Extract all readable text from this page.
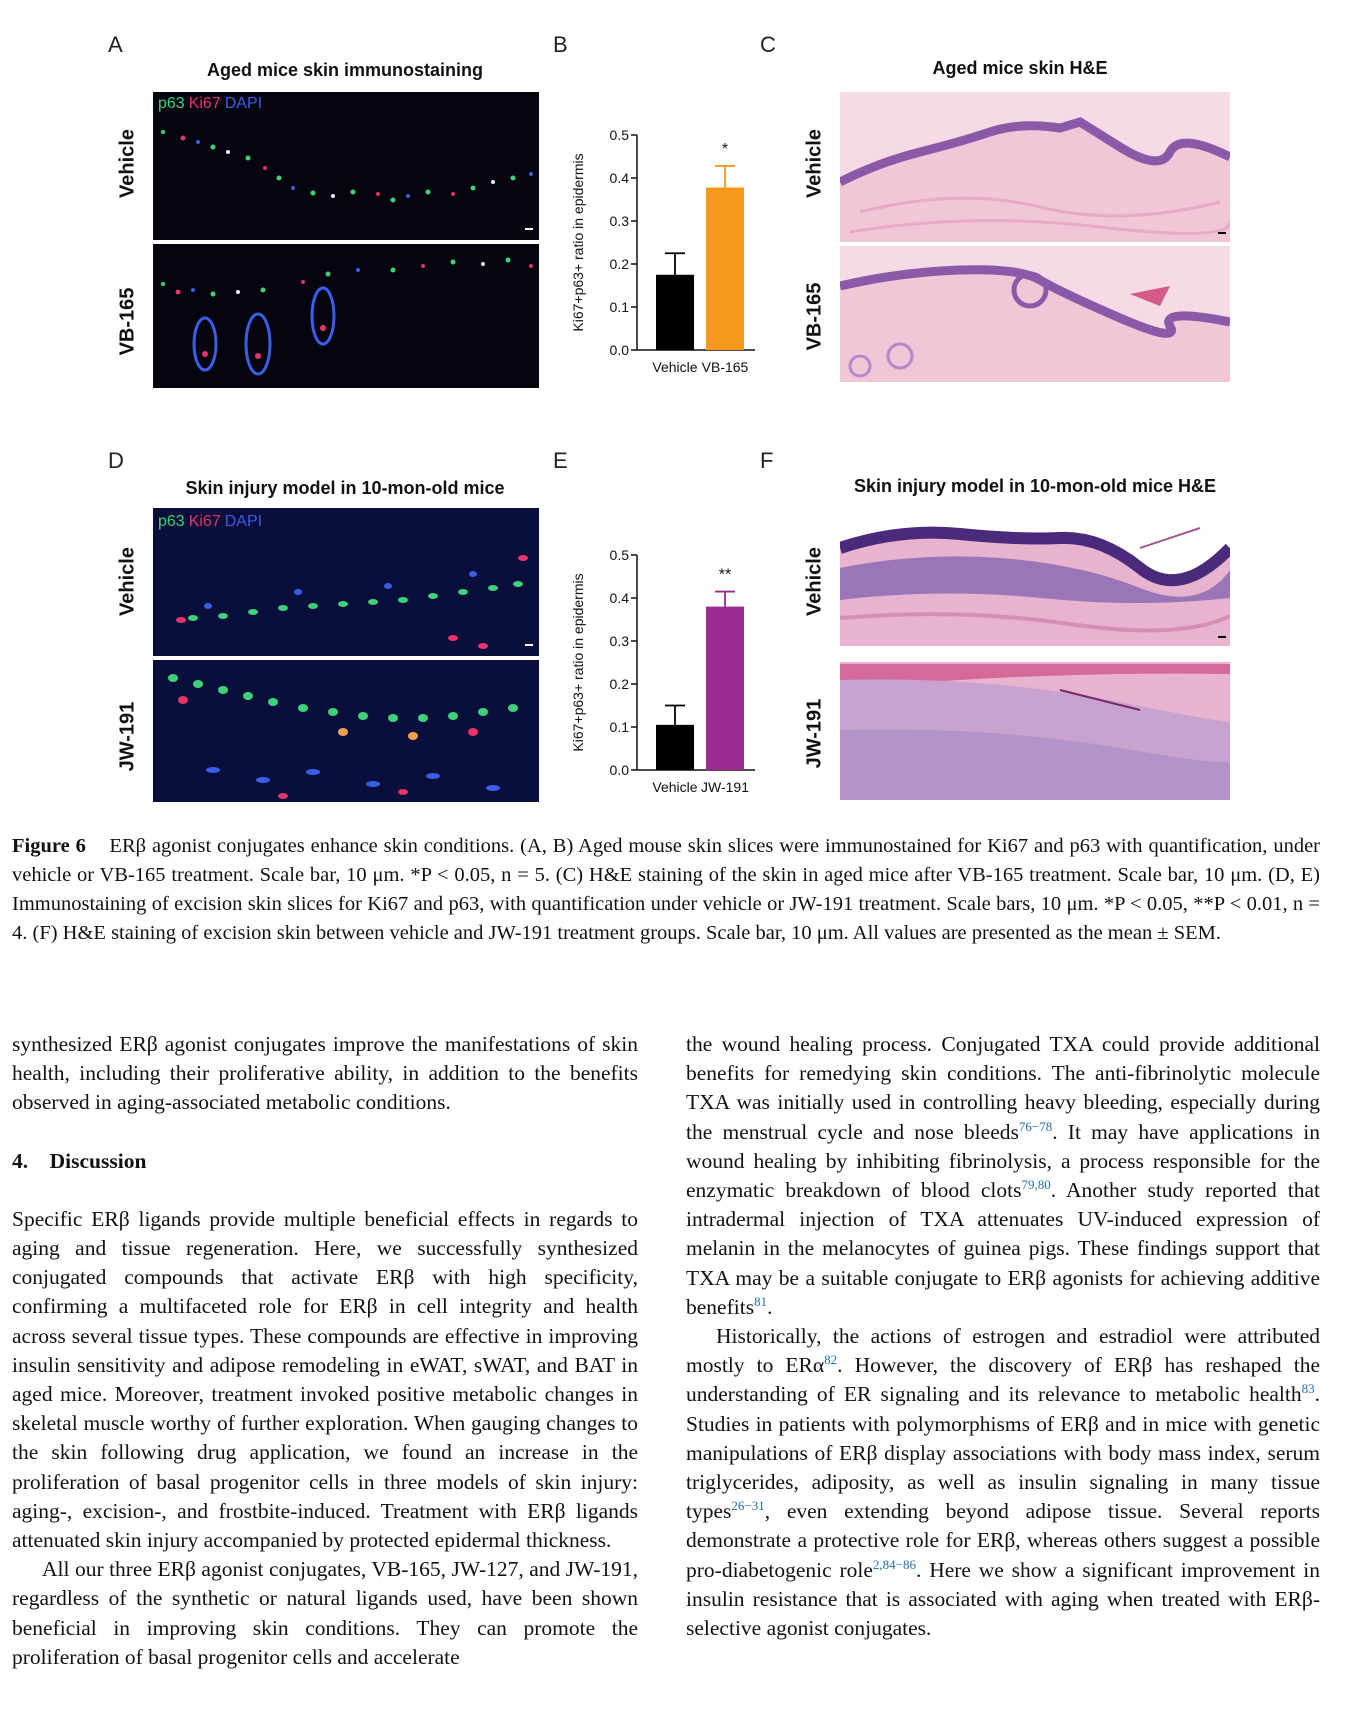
A
Aged mice skin immunostaining
Vehicle
VB-165
p63 Ki67 DAPI
B
Ki67+p63+ ratio in epidermis
0.0
0.1
0.2
0.3
0.4
0.5
Vehicle VB-165
*
C
Aged mice skin H&E
Vehicle
VB-165
D
Skin injury model in 10-mon-old mice
Vehicle
JW-191
p63 Ki67 DAPI
E
Ki67+p63+ ratio in epidermis
0.0
0.1
0.2
0.3
0.4
0.5
Vehicle JW-191
**
F
Skin injury model in 10-mon-old mice H&E
Vehicle
JW-191
Figure 6 ERβ agonist conjugates enhance skin conditions. (A, B) Aged mouse skin slices were immunostained for Ki67 and p63 with quantification, under vehicle or VB-165 treatment. Scale bar, 10 μm. *P < 0.05, n = 5. (C) H&E staining of the skin in aged mice after VB-165 treatment. Scale bar, 10 μm. (D, E) Immunostaining of excision skin slices for Ki67 and p63, with quantification under vehicle or JW-191 treatment. Scale bars, 10 μm. *P < 0.05, **P < 0.01, n = 4. (F) H&E staining of excision skin between vehicle and JW-191 treatment groups. Scale bar, 10 μm. All values are presented as the mean ± SEM.

synthesized ERβ agonist conjugates improve the manifestations of skin health, including their proliferative ability, in addition to the benefits observed in aging-associated metabolic conditions.

4. Discussion

Specific ERβ ligands provide multiple beneficial effects in regards to aging and tissue regeneration. Here, we successfully synthesized conjugated compounds that activate ERβ with high specificity, confirming a multifaceted role for ERβ in cell integrity and health across several tissue types. These compounds are effective in improving insulin sensitivity and adipose remodeling in eWAT, sWAT, and BAT in aged mice. Moreover, treatment invoked positive metabolic changes in skeletal muscle worthy of further exploration. When gauging changes to the skin following drug application, we found an increase in the proliferation of basal progenitor cells in three models of skin injury: aging-, excision-, and frostbite-induced. Treatment with ERβ ligands attenuated skin injury accompanied by protected epidermal thickness.

All our three ERβ agonist conjugates, VB-165, JW-127, and JW-191, regardless of the synthetic or natural ligands used, have been shown beneficial in improving skin conditions. They can promote the proliferation of basal progenitor cells and accelerate

the wound healing process. Conjugated TXA could provide additional benefits for remedying skin conditions. The anti-fibrinolytic molecule TXA was initially used in controlling heavy bleeding, especially during the menstrual cycle and nose bleeds$^{76-78}$. It may have applications in wound healing by inhibiting fibrinolysis, a process responsible for the enzymatic breakdown of blood clots$^{79,80}$. Another study reported that intradermal injection of TXA attenuates UV-induced expression of melanin in the melanocytes of guinea pigs. These findings support that TXA may be a suitable conjugate to ERβ agonists for achieving additive benefits$^{81}$.

Historically, the actions of estrogen and estradiol were attributed mostly to ERα$^{82}$. However, the discovery of ERβ has reshaped the understanding of ER signaling and its relevance to metabolic health$^{83}$. Studies in patients with polymorphisms of ERβ and in mice with genetic manipulations of ERβ display associations with body mass index, serum triglycerides, adiposity, as well as insulin signaling in many tissue types$^{26-31}$, even extending beyond adipose tissue. Several reports demonstrate a protective role for ERβ, whereas others suggest a possible pro-diabetogenic role$^{2,84-86}$. Here we show a significant improvement in insulin resistance that is associated with aging when treated with ERβ-selective agonist conjugates.
